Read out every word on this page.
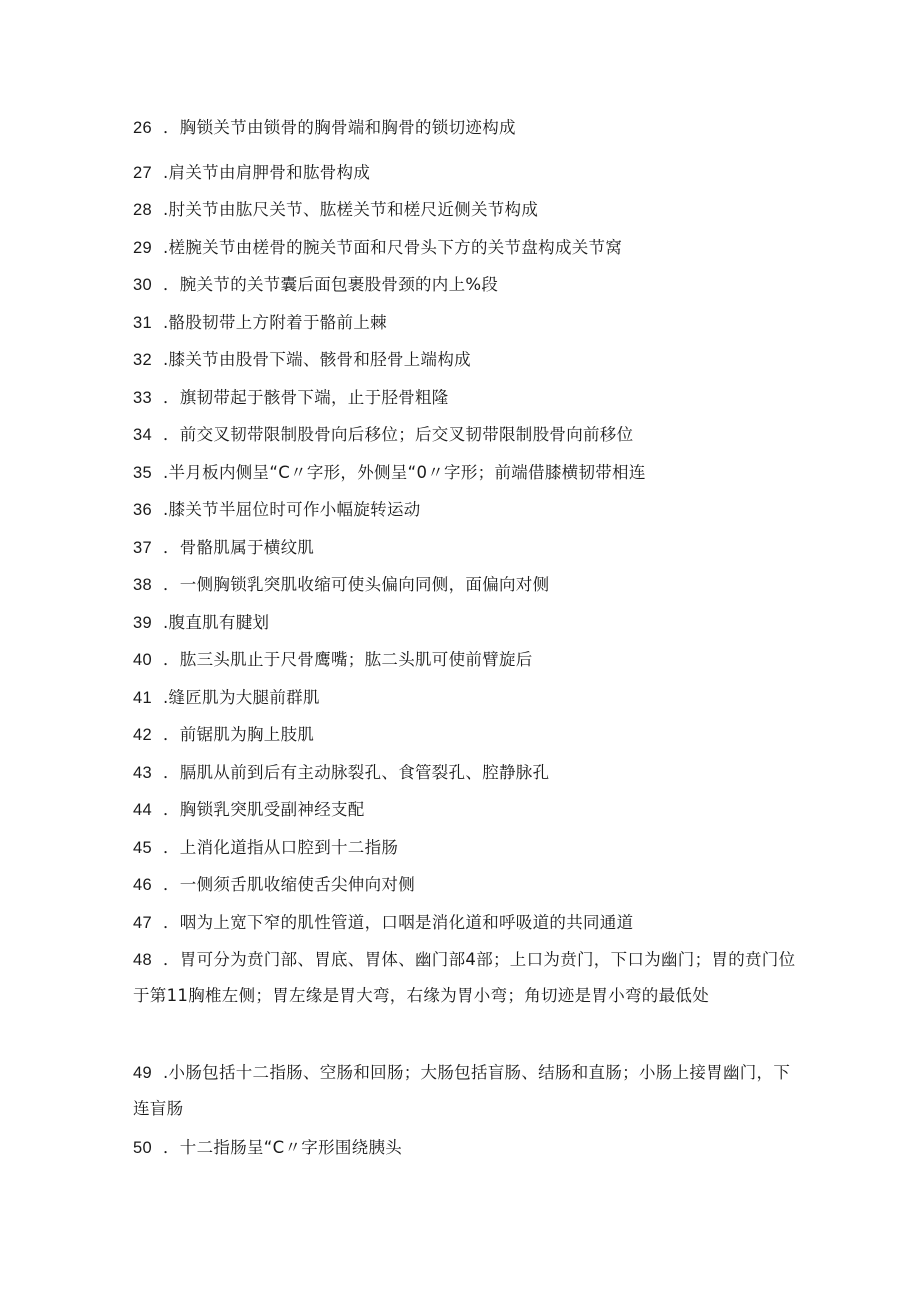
26 ．胸锁关节由锁骨的胸骨端和胸骨的锁切迹构成
27 .肩关节由肩胛骨和肱骨构成
28 .肘关节由肱尺关节、肱槎关节和槎尺近侧关节构成
29 .槎腕关节由槎骨的腕关节面和尺骨头下方的关节盘构成关节窝
30 ．腕关节的关节囊后面包裹股骨颈的内上%段
31 .骼股韧带上方附着于骼前上棘
32 .膝关节由股骨下端、骸骨和胫骨上端构成
33 ．旗韧带起于骸骨下端，止于胫骨粗隆
34 ．前交叉韧带限制股骨向后移位；后交叉韧带限制股骨向前移位
35 .半月板内侧呈“C〃字形，外侧呈“0〃字形；前端借膝横韧带相连
36 .膝关节半屈位时可作小幅旋转运动
37 ．骨骼肌属于横纹肌
38 ．一侧胸锁乳突肌收缩可使头偏向同侧，面偏向对侧
39 .腹直肌有腱划
40 ．肱三头肌止于尺骨鹰嘴；肱二头肌可使前臂旋后
41 .缝匠肌为大腿前群肌
42 ．前锯肌为胸上肢肌
43 ．膈肌从前到后有主动脉裂孔、食管裂孔、腔静脉孔
44 ．胸锁乳突肌受副神经支配
45 ．上消化道指从口腔到十二指肠
46 ．一侧须舌肌收缩使舌尖伸向对侧
47 ．咽为上宽下窄的肌性管道，口咽是消化道和呼吸道的共同通道
48 ．胃可分为贲门部、胃底、胃体、幽门部4部；上口为贲门，下口为幽门；胃的贲门位于第11胸椎左侧；胃左缘是胃大弯，右缘为胃小弯；角切迹是胃小弯的最低处
49 .小肠包括十二指肠、空肠和回肠；大肠包括盲肠、结肠和直肠；小肠上接胃幽门，下连盲肠
50 ．十二指肠呈“C〃字形围绕胰头
